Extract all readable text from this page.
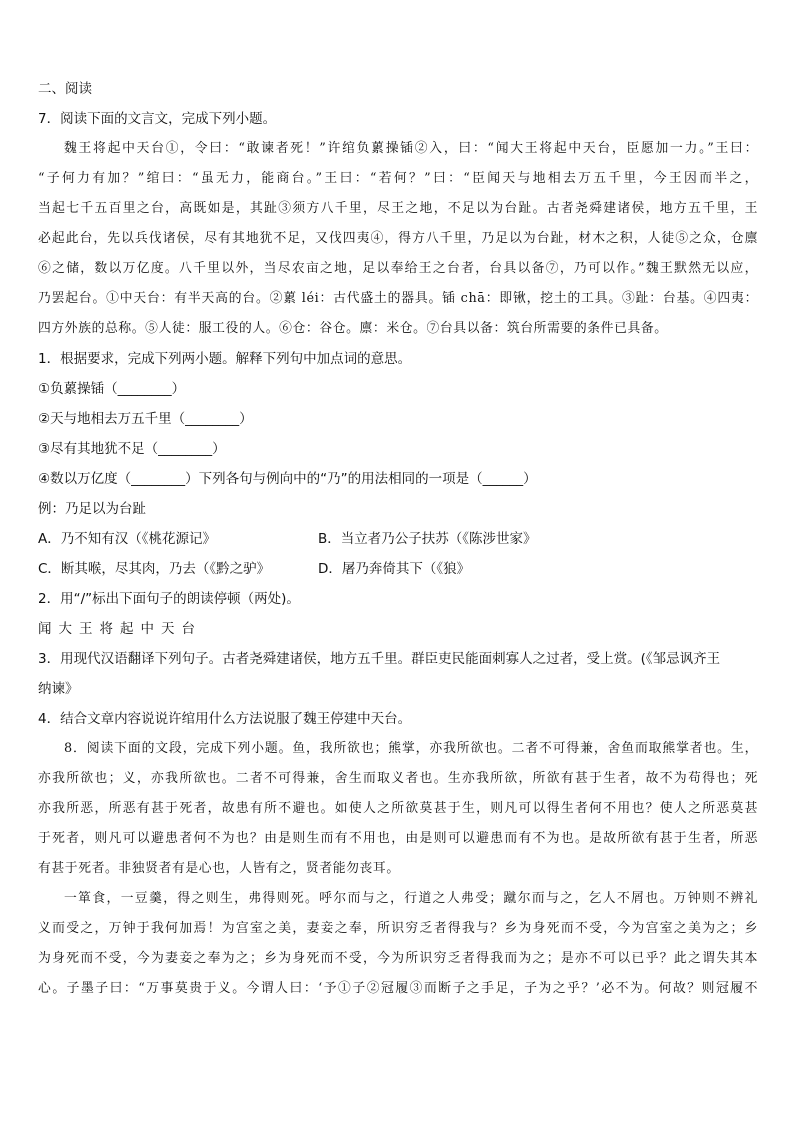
二、阅读
7．阅读下面的文言文，完成下列小题。
魏王将起中天台①，令曰：“敢谏者死！”许绾负蔂操锸②入，曰：“闻大王将起中天台，臣愿加一力。”王曰：
“子何力有加？”绾曰：“虽无力，能商台。”王曰：“若何？”曰：“臣闻天与地相去万五千里，今王因而半之，
当起七千五百里之台，高既如是，其趾③须方八千里，尽王之地，不足以为台趾。古者尧舜建诸侯，地方五千里，王
必起此台，先以兵伐诸侯，尽有其地犹不足，又伐四夷④，得方八千里，乃足以为台趾，材木之积，人徒⑤之众，仓廪
⑥之储，数以万亿度。八千里以外，当尽农亩之地，足以奉给王之台者，台具以备⑦，乃可以作。”魏王默然无以应，
乃罢起台。①中天台：有半天高的台。②蔂 léi：古代盛土的器具。锸 chā：即锹，挖土的工具。③趾：台基。④四夷：
四方外族的总称。⑤人徒：服工役的人。⑥仓：谷仓。廪：米仓。⑦台具以备：筑台所需要的条件已具备。
1．根据要求，完成下列两小题。解释下列句中加点词的意思。
①负蔂操锸（________）
②天与地相去万五千里（________）
③尽有其地犹不足（________）
④数以万亿度（________）下列各句与例向中的“乃”的用法相同的一项是（______）
例：乃足以为台趾
A．乃不知有汉（《桃花源记》	B．当立者乃公子扶苏（《陈涉世家》
C．断其喉，尽其肉，乃去（《黔之驴》	D．屠乃奔倚其下（《狼》
2．用“/”标出下面句子的朗读停顿（两处)。
闻大王将起中天台
3．用现代汉语翻译下列句子。古者尧舜建诸侯，地方五千里。群臣吏民能面刺寡人之过者，受上赏。(《邹忌讽齐王
纳谏》
4．结合文章内容说说许绾用什么方法说服了魏王停建中天台。
8．阅读下面的文段，完成下列小题。鱼，我所欲也；熊掌，亦我所欲也。二者不可得兼，舍鱼而取熊掌者也。生，
亦我所欲也；义，亦我所欲也。二者不可得兼，舍生而取义者也。生亦我所欲，所欲有甚于生者，故不为苟得也；死
亦我所恶，所恶有甚于死者，故患有所不避也。如使人之所欲莫甚于生，则凡可以得生者何不用也？使人之所恶莫甚
于死者，则凡可以避患者何不为也？由是则生而有不用也，由是则可以避患而有不为也。是故所欲有甚于生者，所恶
有甚于死者。非独贤者有是心也，人皆有之，贤者能勿丧耳。
一箪食，一豆羹，得之则生，弗得则死。呼尔而与之，行道之人弗受；蹴尔而与之，乞人不屑也。万钟则不辨礼
义而受之，万钟于我何加焉！为宫室之美，妻妾之奉，所识穷乏者得我与？乡为身死而不受，今为宫室之美为之；乡
为身死而不受，今为妻妾之奉为之；乡为身死而不受，今为所识穷乏者得我而为之；是亦不可以已乎？此之谓失其本
心。子墨子曰：“万事莫贵于义。今谓人曰：‘予①子②冠履③而断子之手足，子为之乎？’必不为。何故？则冠履不
